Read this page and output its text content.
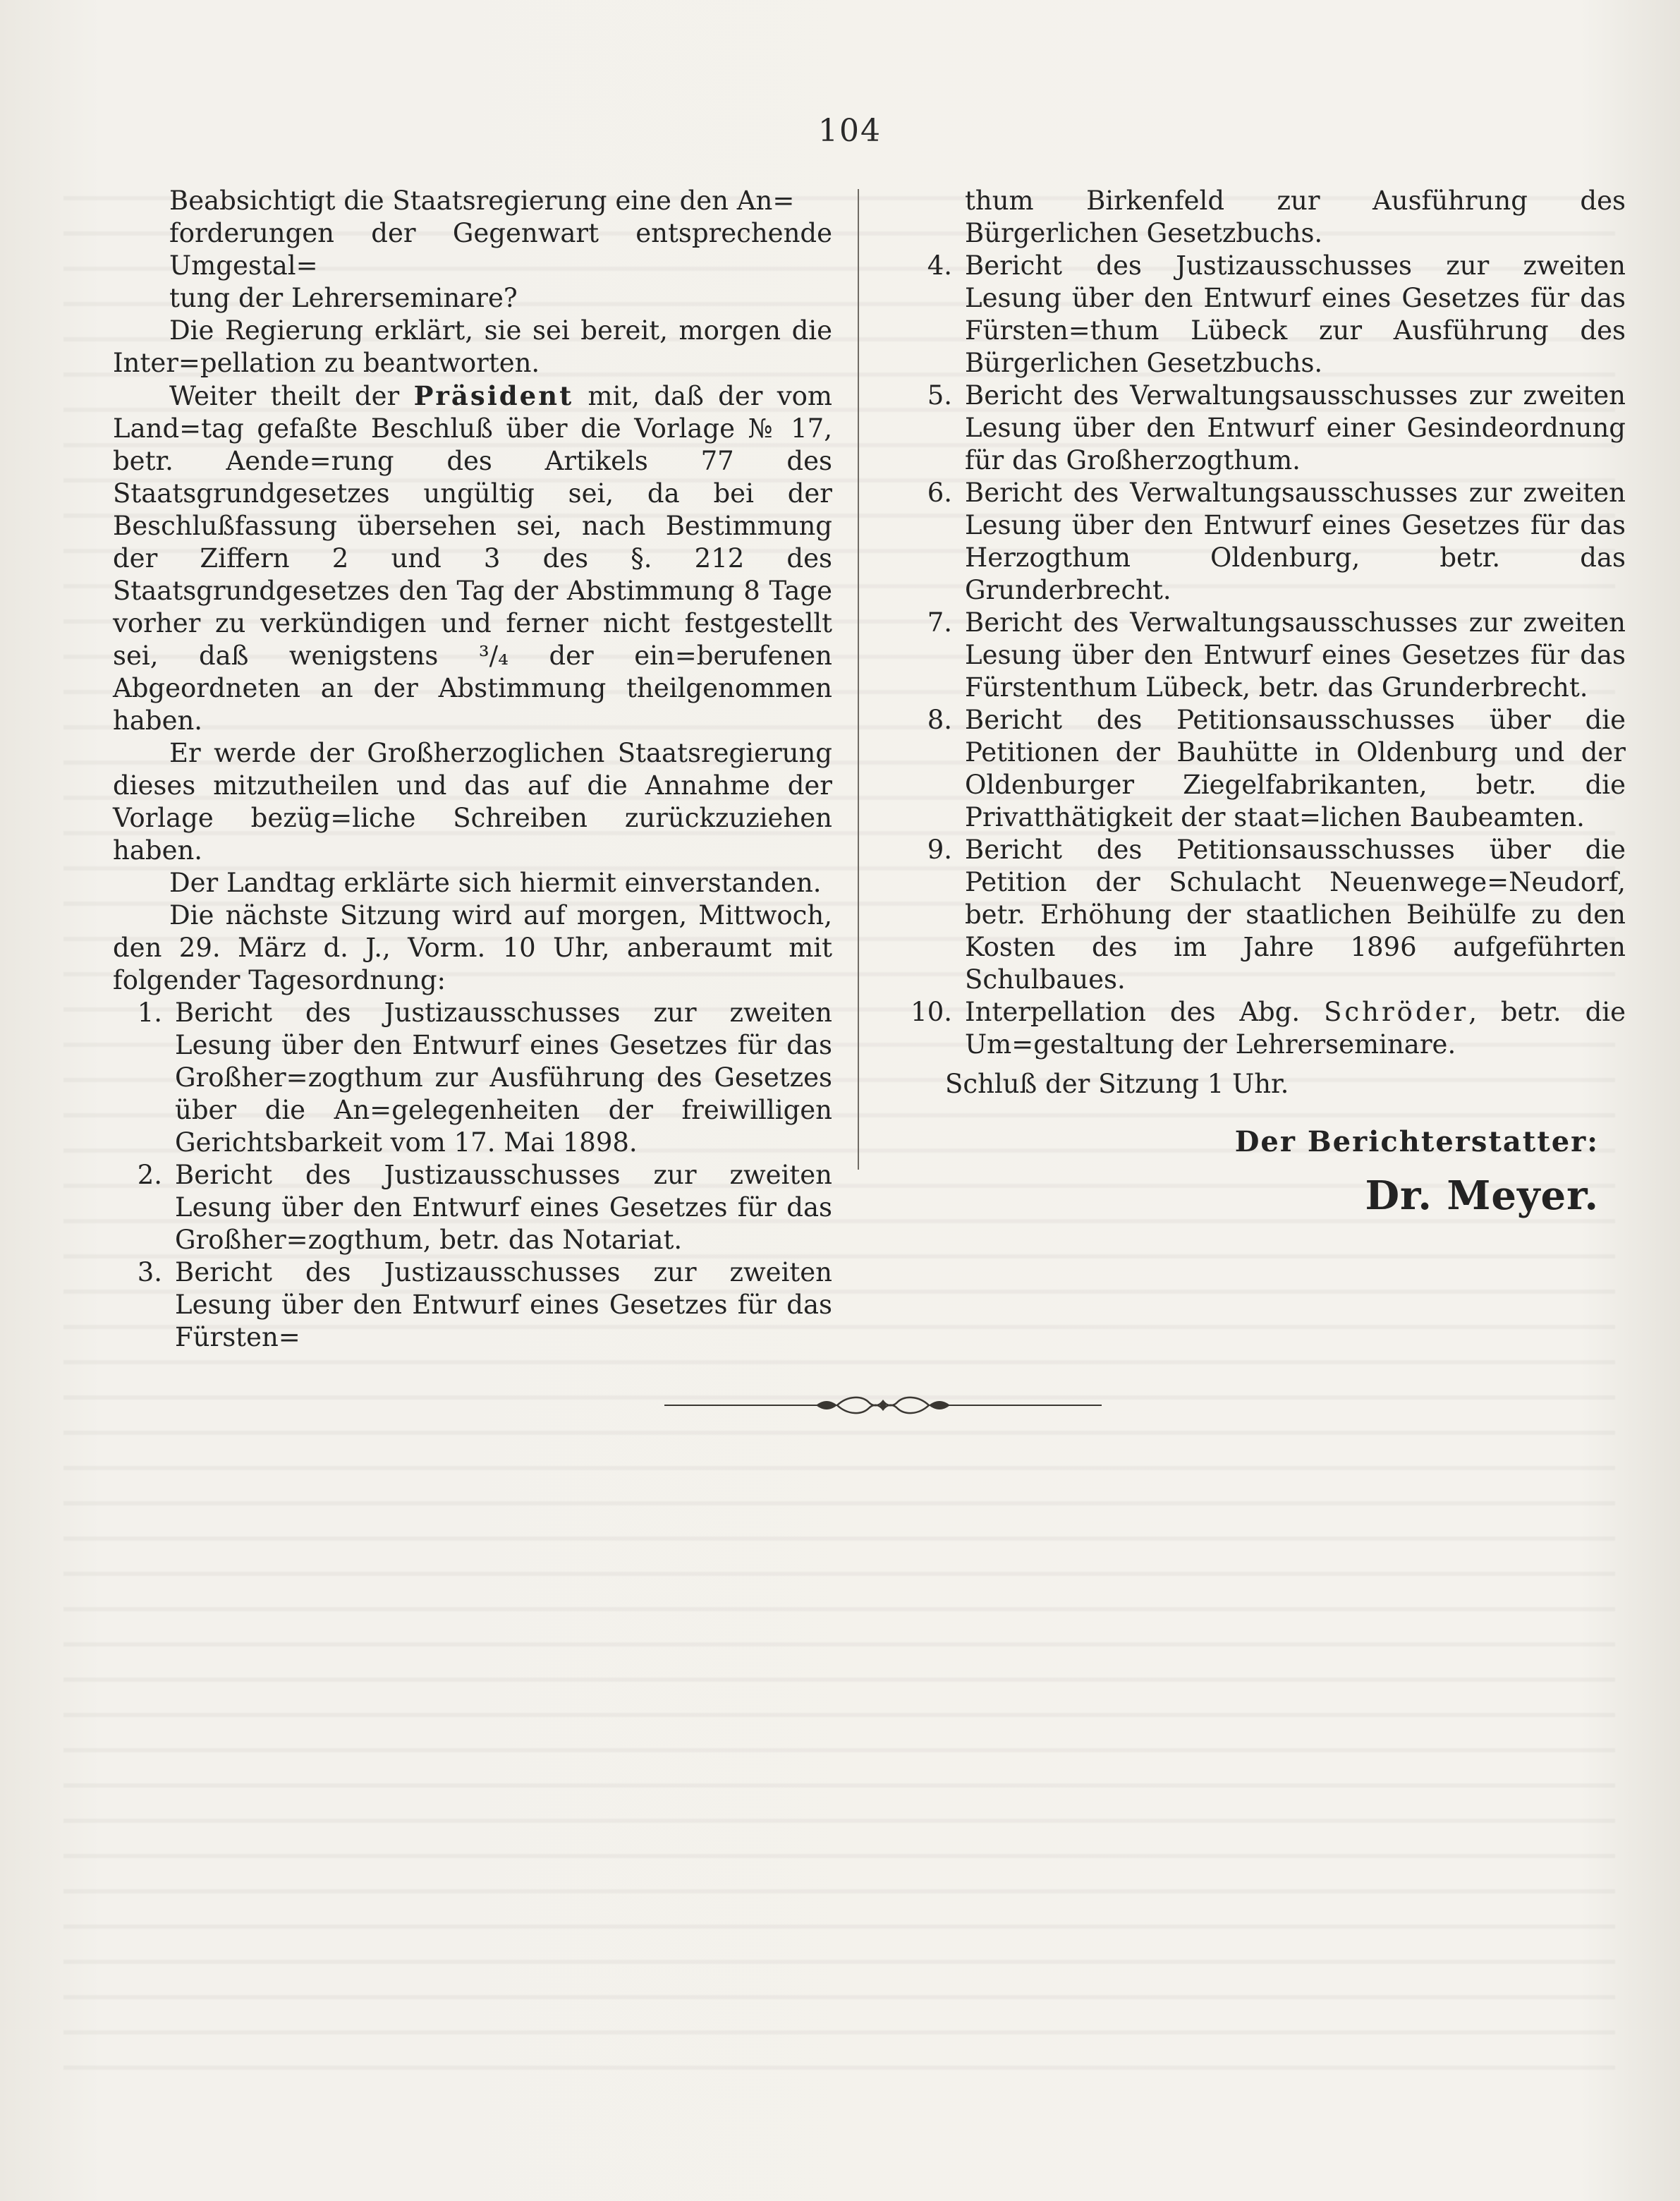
104

Beabsichtigt die Staatsregierung eine den An=
forderungen der Gegenwart entsprechende Umgestal=
tung der Lehrerseminare?

Die Regierung erklärt, sie sei bereit, morgen die Inter=pellation zu beantworten.

Weiter theilt der Präsident mit, daß der vom Land=tag gefaßte Beschluß über die Vorlage № 17, betr. Aende=rung des Artikels 77 des Staatsgrundgesetzes ungültig sei, da bei der Beschlußfassung übersehen sei, nach Bestimmung der Ziffern 2 und 3 des §. 212 des Staatsgrundgesetzes den Tag der Abstimmung 8 Tage vorher zu verkündigen und ferner nicht festgestellt sei, daß wenigstens ³/₄ der ein=berufenen Abgeordneten an der Abstimmung theilgenommen haben.

Er werde der Großherzoglichen Staatsregierung dieses mitzutheilen und das auf die Annahme der Vorlage bezüg=liche Schreiben zurückzuziehen haben.

Der Landtag erklärte sich hiermit einverstanden.

Die nächste Sitzung wird auf morgen, Mittwoch, den 29. März d. J., Vorm. 10 Uhr, anberaumt mit folgender Tagesordnung:

1. Bericht des Justizausschusses zur zweiten Lesung über den Entwurf eines Gesetzes für das Großher=zogthum zur Ausführung des Gesetzes über die An=gelegenheiten der freiwilligen Gerichtsbarkeit vom 17. Mai 1898.
2. Bericht des Justizausschusses zur zweiten Lesung über den Entwurf eines Gesetzes für das Großher=zogthum, betr. das Notariat.
3. Bericht des Justizausschusses zur zweiten Lesung über den Entwurf eines Gesetzes für das Fürsten=

thum Birkenfeld zur Ausführung des Bürgerlichen Gesetzbuchs.

4. Bericht des Justizausschusses zur zweiten Lesung über den Entwurf eines Gesetzes für das Fürsten=thum Lübeck zur Ausführung des Bürgerlichen Gesetzbuchs.
5. Bericht des Verwaltungsausschusses zur zweiten Lesung über den Entwurf einer Gesindeordnung für das Großherzogthum.
6. Bericht des Verwaltungsausschusses zur zweiten Lesung über den Entwurf eines Gesetzes für das Herzogthum Oldenburg, betr. das Grunderbrecht.
7. Bericht des Verwaltungsausschusses zur zweiten Lesung über den Entwurf eines Gesetzes für das Fürstenthum Lübeck, betr. das Grunderbrecht.
8. Bericht des Petitionsausschusses über die Petitionen der Bauhütte in Oldenburg und der Oldenburger Ziegelfabrikanten, betr. die Privatthätigkeit der staat=lichen Baubeamten.
9. Bericht des Petitionsausschusses über die Petition der Schulacht Neuenwege=Neudorf, betr. Erhöhung der staatlichen Beihülfe zu den Kosten des im Jahre 1896 aufgeführten Schulbaues.
10. Interpellation des Abg. Schröder, betr. die Um=gestaltung der Lehrerseminare.

Schluß der Sitzung 1 Uhr.

Der Berichterstatter:

Dr. Meyer.
